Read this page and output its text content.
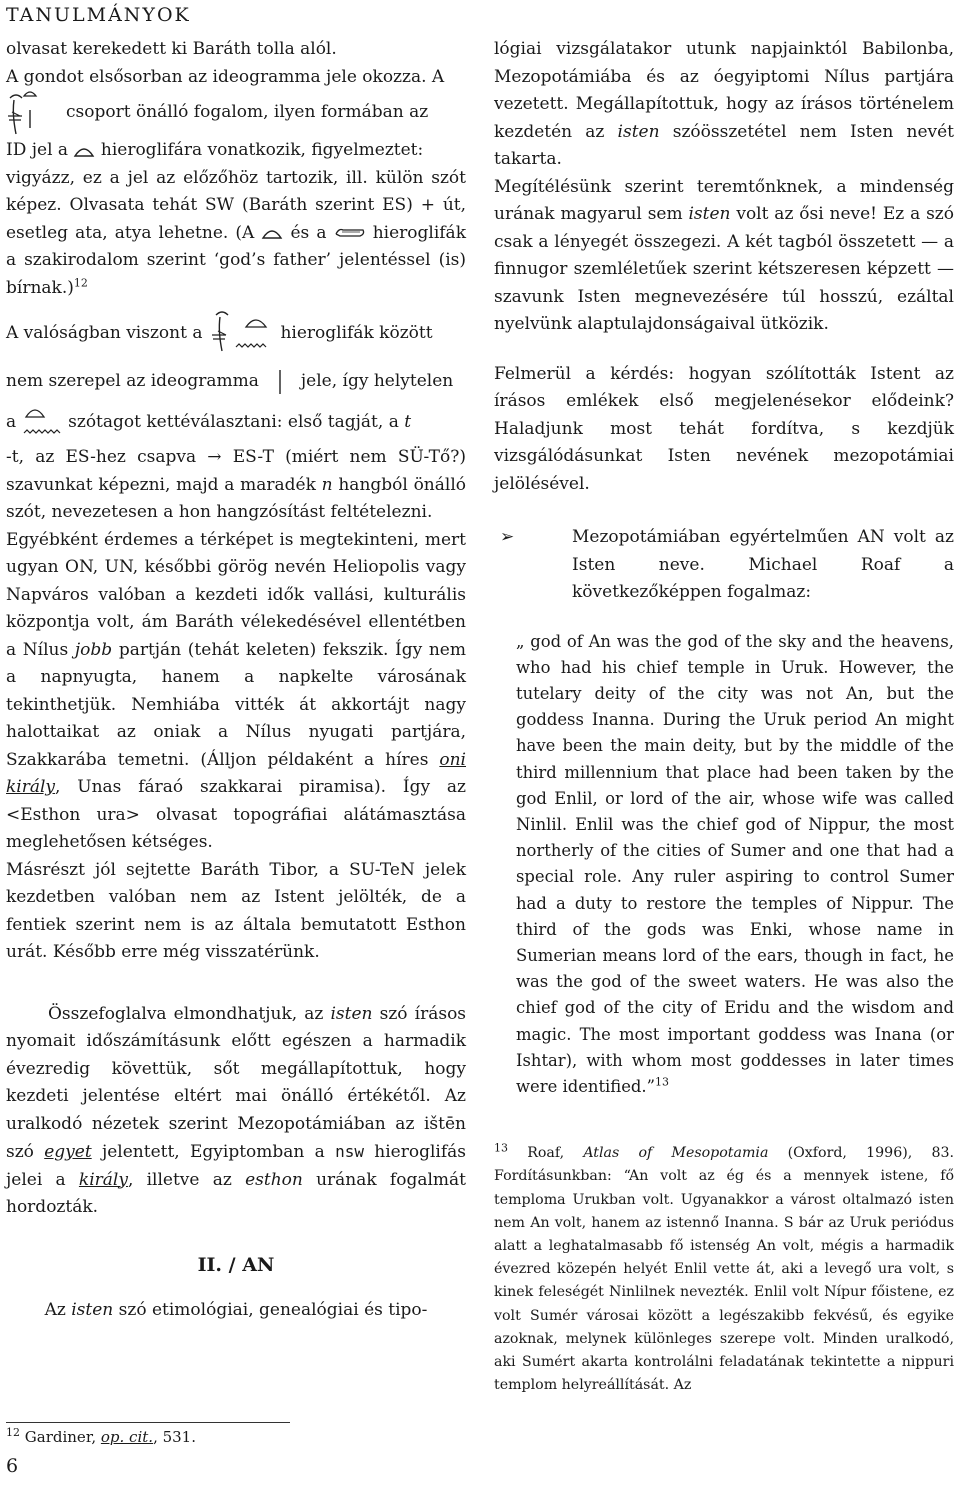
TANULMÁNYOK

olvasat kerekedett ki Baráth tolla alól.

A gondot elsősorban az ideogramma jele okozza. A

csoport önálló fogalom, ilyen formában az

ID jel a hieroglifára vonatkozik, figyelmeztet:

vigyázz, ez a jel az előzőhöz tartozik, ill. külön szót képez. Olvasata tehát SW (Baráth szerint ES) + út, esetleg ata, atya lehetne. (A és a	hieroglifák a szakirodalom szerint ‘god’s father’ jelentéssel (is) bírnak.)$^{12}$

A valóságban viszont a	hieroglifák között
nem szerepel az ideogramma jele, így helytelen
a	szótagot kettéválasztani: első tagját, a t

-t, az ES-hez csapva → ES-T (miért nem SÜ-Tő?) szavunkat képezni, majd a maradék n hangból önálló szót, nevezetesen a hon hangzósítást feltételezni.

Egyébként érdemes a térképet is megtekinteni, mert ugyan ON, UN, későbbi görög nevén Heliopolis vagy Napváros valóban a kezdeti idők vallási, kulturális központja volt, ám Baráth vélekedésével ellentétben a Nílus jobb partján (tehát keleten) fekszik. Így nem a napnyugta, hanem a napkelte városának tekinthetjük. Nemhiába vitték át akkortájt nagy halottaikat az oniak a Nílus nyugati partjára, Szakkarába temetni. (Álljon példaként a híres oni király, Unas fáraó szakkarai piramisa). Így az <Esthon ura> olvasat topográfiai alátámasztása meglehetősen kétséges.

Másrészt jól sejtette Baráth Tibor, a SU-TeN jelek kezdetben valóban nem az Istent jelölték, de a fentiek szerint nem is az általa bemutatott Esthon urát. Később erre még visszatérünk.

Összefoglalva elmondhatjuk, az isten szó írásos nyomait időszámításunk előtt egészen a harmadik évezredig követtük, sőt megállapítottuk, hogy kezdeti jelentése eltért mai önálló értékétől. Az uralkodó nézetek szerint Mezopotámiában az ištēn szó egyet jelentett, Egyiptomban a nsw hieroglifás jelei a király, illetve az esthon urának fogalmát hordozták.

II. / AN
Az isten szó etimológiai, genealógiai és tipo-
$^{12}$ Gardiner, op. cit., 531.
6

lógiai vizsgálatakor utunk napjainktól Babilonba, Mezopotámiába és az óegyiptomi Nílus partjára vezetett. Megállapítottuk, hogy az írásos történelem kezdetén az isten szóösszetétel nem Isten nevét takarta.

Megítélésünk szerint teremtőnknek, a mindenség urának magyarul sem isten volt az ősi neve! Ez a szó csak a lényegét összegezi. A két tagból összetett — a finnugor szemléletűek szerint kétszeresen képzett — szavunk Isten megnevezésére túl hosszú, ezáltal nyelvünk alaptulajdonságaival ütközik.

Felmerül a kérdés: hogyan szólították Istent az írásos emlékek első megjelenésekor elődeink? Haladjunk most tehát fordítva, s kezdjük vizsgálódásunkat Isten nevének mezopotámiai jelölésével.

➢	Mezopotámiában egyértelműen AN volt az Isten neve. Michael Roaf a következőképpen fogalmaz:
„ god of An was the god of the sky and the heavens, who had his chief temple in Uruk. However, the tutelary deity of the city was not An, but the goddess Inanna. During the Uruk period An might have been the main deity, but by the middle of the third millennium that place had been taken by the god Enlil, or lord of the air, whose wife was called Ninlil. Enlil was the chief god of Nippur, the most northerly of the cities of Sumer and one that had a special role. Any ruler aspiring to control Sumer had a duty to restore the temples of Nippur. The third of the gods was Enki, whose name in Sumerian means lord of the ears, though in fact, he was the god of the sweet waters. He was also the chief god of the city of Eridu and the wisdom and magic. The most important goddess was Inana (or Ishtar), with whom most goddesses in later times were identified.”$^{13}$
$^{13}$ Roaf, Atlas of Mesopotamia (Oxford, 1996), 83. Fordításunkban: “An volt az ég és a mennyek istene, fő temploma Urukban volt. Ugyanakkor a várost oltalmazó isten nem An volt, hanem az istennő Inanna. S bár az Uruk periódus alatt a leghatalmasabb fő istenség An volt, mégis a harmadik évezred közepén helyét Enlil vette át, aki a levegő ura volt, s kinek feleségét Ninlilnek nevezték. Enlil volt Nípur főistene, ez volt Sumér városai között a legészakibb fekvésű, és egyike azoknak, melynek különleges szerepe volt. Minden uralkodó, aki Sumért akarta kontrolálni feladatának tekintette a nippuri templom helyreállítását. Az
